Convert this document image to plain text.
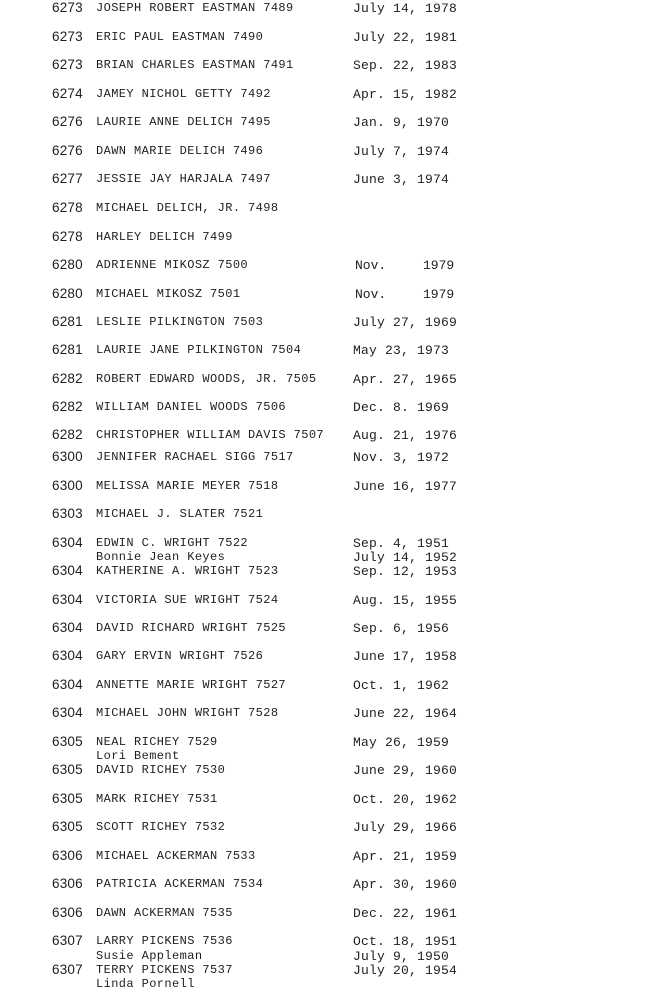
6273 JOSEPH ROBERT EASTMAN 7489	July 14, 1978
6273 ERIC PAUL EASTMAN 7490	July 22, 1981
6273 BRIAN CHARLES EASTMAN 7491	Sep. 22, 1983
6274 JAMEY NICHOL GETTY 7492	Apr. 15, 1982
6276 LAURIE ANNE DELICH 7495	Jan. 9, 1970
6276 DAWN MARIE DELICH 7496	July 7, 1974
6277 JESSIE JAY HARJALA 7497	June 3, 1974
6278 MICHAEL DELICH, JR. 7498
6278 HARLEY DELICH 7499
6280 ADRIENNE MIKOSZ 7500	Nov.	1979
6280 MICHAEL MIKOSZ 7501	Nov.	1979
6281 LESLIE PILKINGTON 7503	July 27, 1969
6281 LAURIE JANE PILKINGTON 7504	May 23, 1973
6282 ROBERT EDWARD WOODS, JR. 7505	Apr. 27, 1965
6282 WILLIAM DANIEL WOODS 7506	Dec. 8. 1969
6282 CHRISTOPHER WILLIAM DAVIS 7507 Aug. 21, 1976
6300 JENNIFER RACHAEL SIGG 7517	Nov. 3, 1972
6300 MELISSA MARIE MEYER 7518	June 16, 1977
6303 MICHAEL J. SLATER 7521
6304 EDWIN C. WRIGHT 7522	Sep. 4, 1951
Bonnie Jean Keyes	July 14, 1952
6304 KATHERINE A. WRIGHT 7523	Sep. 12, 1953
6304 VICTORIA SUE WRIGHT 7524	Aug. 15, 1955
6304 DAVID RICHARD WRIGHT 7525	Sep. 6, 1956
6304 GARY ERVIN WRIGHT 7526	June 17, 1958
6304 ANNETTE MARIE WRIGHT 7527	Oct. 1, 1962
6304 MICHAEL JOHN WRIGHT 7528	June 22, 1964
6305 NEAL RICHEY 7529	May 26, 1959
Lori Bement
6305 DAVID RICHEY 7530	June 29, 1960
6305 MARK RICHEY 7531	Oct. 20, 1962
6305 SCOTT RICHEY 7532	July 29, 1966
6306 MICHAEL ACKERMAN 7533	Apr. 21, 1959
6306 PATRICIA ACKERMAN 7534	Apr. 30, 1960
6306 DAWN ACKERMAN 7535	Dec. 22, 1961
6307 LARRY PICKENS 7536	Oct. 18, 1951
Susie Appleman	July 9, 1950
6307 TERRY PICKENS 7537	July 20, 1954
Linda Pornell
